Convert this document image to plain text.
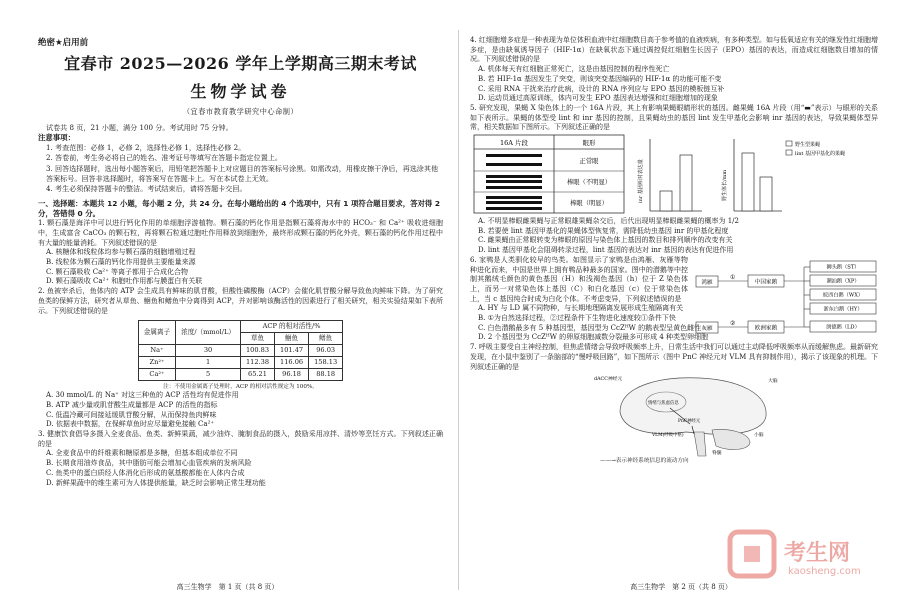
绝密★启用前

宜春市 2025—2026 学年上学期高三期末考试

生物学试卷

（宜春市教育教学研究中心命制）

试卷共 8 页，21 小题，满分 100 分。考试用时 75 分钟。

注意事项：

1. 考查范围：必修 1，必修 2，选择性必修 1，选择性必修 2。

2. 答卷前，考生务必将自己的姓名、准考证号等填写在答题卡指定位置上。

3. 回答选择题时，选出每小题答案后，用铅笔把答题卡上对应题目的答案标号涂黑。如需改动，用橡皮擦干净后，再选涂其他答案标号。回答非选择题时，将答案写在答题卡上。写在本试卷上无效。

4. 考生必须保持答题卡的整洁。考试结束后，请将答题卡交回。

一、选择题：本题共 12 小题，每小题 2 分，共 24 分。在每小题给出的 4 个选项中，只有 1 项符合题目要求，答对得 2 分，答错得 0 分。

1. 颗石藻是海洋中可以进行钙化作用的单细胞浮游植物。颗石藻的钙化作用是指颗石藻将海水中的 HCO₃⁻ 和 Ca²⁺ 吸收进细胞中，生成富含 CaCO₃ 的颗石粒，再将颗石粒通过胞吐作用释放到细胞外，最终形成颗石藻的钙化外壳，颗石藻的钙化作用过程中有大量的能量消耗。下列叙述错误的是

A. 核糖体和线粒体均参与颗石藻的细胞增殖过程

B. 线粒体为颗石藻的钙化作用提供主要能量来源

C. 颗石藻吸收 Ca²⁺ 等离子都用于合成化合物

D. 颗石藻吸收 Ca²⁺ 和胞吐作用都与膜蛋白有关联

2. 鱼被宰杀后，鱼体内的 ATP 会生成具有鲜味的肌苷酸，但酸性磷酸酶（ACP）会催化肌苷酸分解导致鱼肉鲜味下降。为了研究鱼类的保鲜方法，研究者从草鱼、鮰鱼和鳝鱼中分离得到 ACP，并对影响该酶活性的因素进行了相关研究，相关实验结果如下表所示。下列叙述错误的是

金属离子	浓度/（mmol/L）	ACP 的相对活性/%		
		草鱼	鮰鱼	鳝鱼
Na⁺	30	100.83	101.47	96.03
Zn²⁺	1	112.38	116.06	158.13
Ca²⁺	5	65.21	96.18	88.18

注：不使用金属离子处理时，ACP 的相对活性规定为 100%。

A. 30 mmol/L 的 Na⁺ 对这三种鱼的 ACP 活性均有促进作用

B. ATP 减少量或肌苷酸生成量都是 ACP 的活性的指标

C. 低温冷藏可间接延缓肌苷酸分解，从而保持鱼肉鲜味

D. 依据表中数据，在保鲜草鱼时应尽量避免接触 Ca²⁺

3. 健康饮食倡导多摄入全麦食品、鱼类、新鲜果蔬，减少油炸、腌制食品的摄入，鼓励采用凉拌、清炒等烹饪方式。下列叙述正确的是

A. 全麦食品中的纤维素和糖原都是多糖，但基本组成单位不同

B. 长期食用油炸食品，其中脂肪可能会增加心血管疾病的发病风险

C. 鱼类中的蛋白质经人体消化后形成的氨基酸都能在人体内合成

D. 新鲜果蔬中的维生素可为人体提供能量，缺乏时会影响正常生理功能

高三生物学　第 1 页（共 8 页）

4. 红细胞增多症是一种表现为单位体积血液中红细胞数目高于参考值的血液疾病，有多种类型。如与低氧适应有关的继发性红细胞增多症，是由缺氧诱导因子（HIF-1α）在缺氧状态下通过调控促红细胞生长因子（EPO）基因的表达，而造成红细胞数目增加的情况。下列叙述错误的是

A. 机体每天有红细胞正常死亡，这是由基因控制的程序性死亡

B. 若 HIF-1α 基因发生了突变，则该突变基因编码的 HIF-1α 的功能可能不变

C. 采用 RNA 干扰来治疗此病，设计的 RNA 序列应与 EPO 基因的模板链互补

D. 运动员通过高原训练，体内可发生 EPO 基因表达增强和红细胞增加的现象

5. 研究发现，果蝇 X 染色体上的一个 16A 片段，其上有影响果蝇眼睛形状的基因。雌果蝇 16A 片段（用“▬”表示）与眼形的关系如下表所示。果蝇的体型受 lint 和 inr 基因的控制，且果蝇幼虫的基因 lint 发生甲基化会影响 inr 基因的表达，导致果蝇体型异常，相关数据如下图所示。下列叙述正确的是

16A 片段	眼形
正常眼
棒眼（不明显）
棒眼（明显）
inr 基因相对表达量	野生体长/mm
野生型果蝇
lint 基因甲基化的果蝇

A. 不明显棒眼雌果蝇与正常眼雄果蝇杂交后，后代出现明显棒眼雌果蝇的概率为 1/2

B. 若要使 lint 基因甲基化的果蝇体型恢复常，需降低幼虫基因 inr 的甲基化程度

C. 雌果蝇由正常眼转变为棒眼的原因与染色体上基因的数目和排列顺序的改变有关

D. lint 基因甲基化会阻碍转录过程，lint 基因的表达对 inr 基因的表达有促进作用

6. 家鸭是人类驯化较早的鸟类。如图显示了家鸭是由鸿雁、灰雁等物种进化而来，中国是世界上拥有鸭品种最多的国家。图中的潜鹅等中控制其鹅绒毛颜色的黄色基因（H）和浅褐色基因（h）位于 Z 染色体上，而另一对常染色体上基因（C）和白化基因（c）位于常染色体上，当 c 基因纯合时成为白化个体。不考虑变异，下列叙述错误的是

鸿雁
灰雁
①
②
中国家鹅
欧洲家鹅
狮头鹅（ST）
潮汕鹅（XP）
皖西白鹅（WX）
浙东白鹅（HY）
朗德鹅（LD）

A. HY 与 LD 属不同物种，与长期地理隔离发展形成生殖隔离有关

B. ①为自然选择过程，②过程条件下生物进化速度较①条件下快

C. 白色潜鹅最多有 5 种基因型，基因型为 CcZᴴW 的鹅表型呈黄色雌性

D. 2 个基因型为 CcZᴴW 的卵原细胞减数分裂最多可形成 4 种类型卵细胞

7. 呼吸主要受自主神经控制，但焦虑情绪会导致呼吸频率上升，日常生活中我们可以通过主动降低呼吸频率从而缓解焦虑。最新研究发现，在小鼠中鉴别了一条脑部的“慢呼吸回路”，如下图所示（图中 PnC 神经元对 VLM 具有抑制作用），揭示了该现象的机理。下列叙述正确的是

dACC神经元	大脑
情绪与焦虑信息
PnC神经元
VLM(呼吸中枢)	小脑
脊髓

——→表示神经系统信息的流动方向

高三生物学　第 2 页（共 8 页）

考生网
kaosheng.com
